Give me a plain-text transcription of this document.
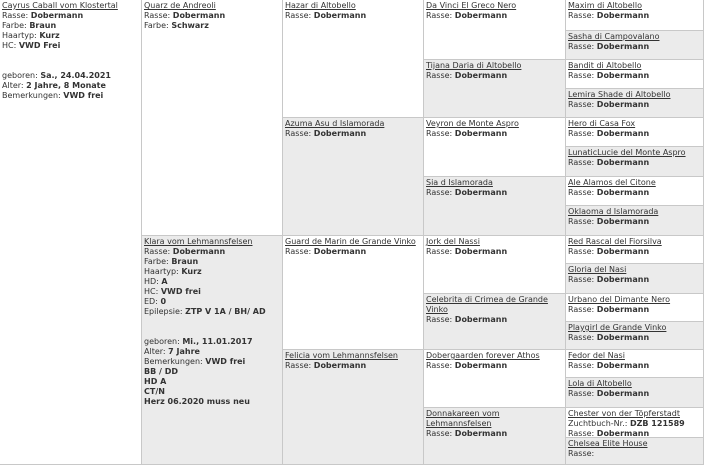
Cayrus Caball vom Klostertal
Rasse: Dobermann
Farbe: Braun
Haartyp: Kurz
HC: VWD Frei
geboren: Sa., 24.04.2021
Alter: 2 Jahre, 8 Monate
Bemerkungen: VWD frei
Quarz de Andreoli
Rasse: Dobermann
Farbe: Schwarz
Klara vom Lehmannsfelsen
Rasse: Dobermann
Farbe: Braun
Haartyp: Kurz
HD: A
HC: VWD frei
ED: 0
Epilepsie: ZTP V 1A / BH/ AD
geboren: Mi., 11.01.2017
Alter: 7 Jahre
Bemerkungen: VWD frei
BB / DD
HD A
CT/N
Herz 06.2020 muss neu
Hazar di Altobello
Rasse: Dobermann
Azuma Asu d Islamorada
Rasse: Dobermann
Guard de Marin de Grande Vinko
Rasse: Dobermann
Felicia vom Lehmannsfelsen
Rasse: Dobermann
Da Vinci El Greco Nero
Rasse: Dobermann
Tijana Daria di Altobello
Rasse: Dobermann
Veyron de Monte Aspro
Rasse: Dobermann
Sia d Islamorada
Rasse: Dobermann
Jork del Nassi
Rasse: Dobermann
Celebrita di Crimea de Grande Vinko
Rasse: Dobermann
Dobergaarden forever Athos
Rasse: Dobermann
Donnakareen vom Lehmannsfelsen
Rasse: Dobermann
Maxim di Altobello
Rasse: Dobermann
Sasha di Campovalano
Rasse: Dobermann
Bandit di Altobello
Rasse: Dobermann
Lemira Shade di Altobello
Rasse: Dobermann
Hero di Casa Fox
Rasse: Dobermann
LunaticLucie del Monte Aspro
Rasse: Dobermann
Ale Alamos del Citone
Rasse: Dobermann
Oklaoma d Islamorada
Rasse: Dobermann
Red Rascal del Fiorsilva
Rasse: Dobermann
Gloria del Nasi
Rasse: Dobermann
Urbano del Dimante Nero
Rasse: Dobermann
Playgirl de Grande Vinko
Rasse: Dobermann
Fedor del Nasi
Rasse: Dobermann
Lola di Altobello
Rasse: Dobermann
Chester von der Töpferstadt
Zuchtbuch-Nr.: DZB 121589
Rasse: Dobermann
Chelsea Elite House
Rasse:
